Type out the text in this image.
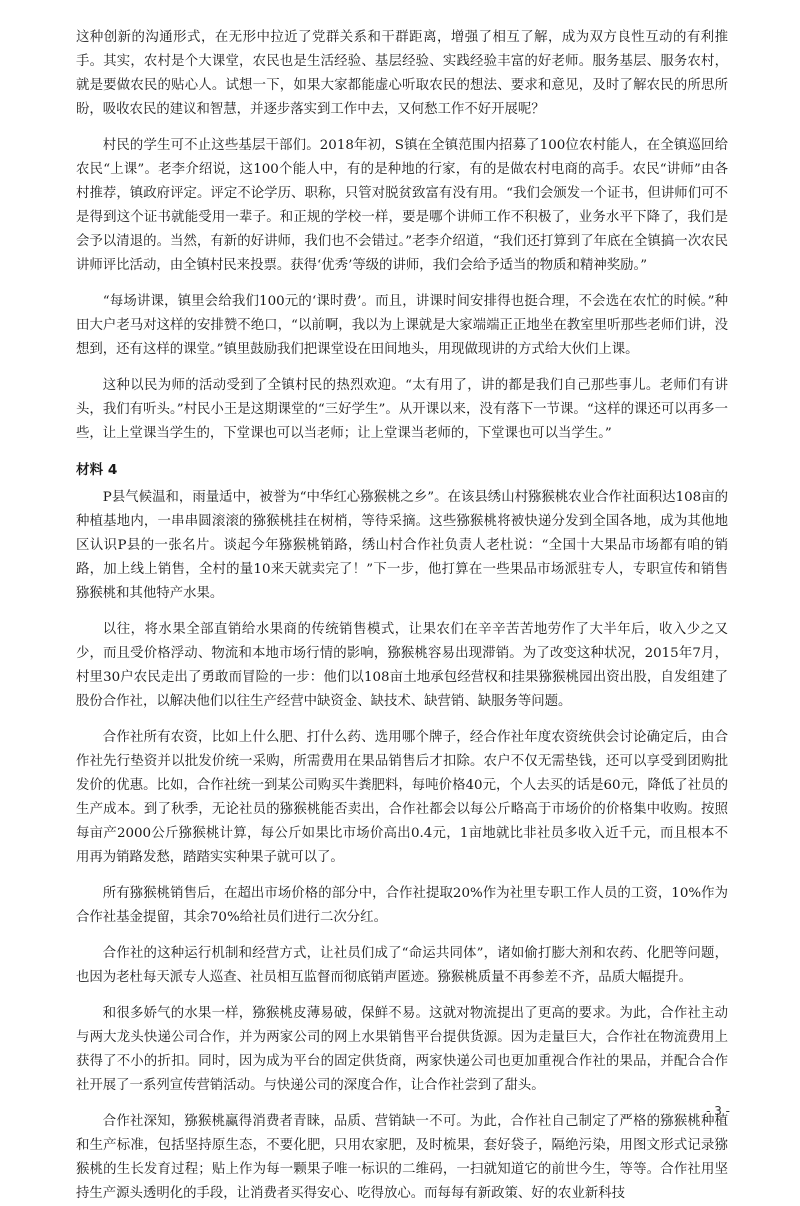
这种创新的沟通形式，在无形中拉近了党群关系和干群距离，增强了相互了解，成为双方良性互动的有利推手。其实，农村是个大课堂，农民也是生活经验、基层经验、实践经验丰富的好老师。服务基层、服务农村，就是要做农民的贴心人。试想一下，如果大家都能虚心听取农民的想法、要求和意见，及时了解农民的所思所盼，吸收农民的建议和智慧，并逐步落实到工作中去，又何愁工作不好开展呢？

村民的学生可不止这些基层干部们。2018年初，S镇在全镇范围内招募了100位农村能人，在全镇巡回给农民“上课”。老李介绍说，这100个能人中，有的是种地的行家，有的是做农村电商的高手。农民“讲师”由各村推荐，镇政府评定。评定不论学历、职称，只管对脱贫致富有没有用。“我们会颁发一个证书，但讲师们可不是得到这个证书就能受用一辈子。和正规的学校一样，要是哪个讲师工作不积极了，业务水平下降了，我们是会予以清退的。当然，有新的好讲师，我们也不会错过。”老李介绍道，“我们还打算到了年底在全镇搞一次农民讲师评比活动，由全镇村民来投票。获得‘优秀’等级的讲师，我们会给予适当的物质和精神奖励。”

“每场讲课，镇里会给我们100元的‘课时费’。而且，讲课时间安排得也挺合理，不会选在农忙的时候。”种田大户老马对这样的安排赞不绝口，“以前啊，我以为上课就是大家端端正正地坐在教室里听那些老师们讲，没想到，还有这样的课堂。”镇里鼓励我们把课堂设在田间地头，用现做现讲的方式给大伙们上课。

这种以民为师的活动受到了全镇村民的热烈欢迎。“太有用了，讲的都是我们自己那些事儿。老师们有讲头，我们有听头。”村民小王是这期课堂的“三好学生”。从开课以来，没有落下一节课。“这样的课还可以再多一些，让上堂课当学生的，下堂课也可以当老师；让上堂课当老师的，下堂课也可以当学生。”

材料 4

P县气候温和，雨量适中，被誉为“中华红心猕猴桃之乡”。在该县绣山村猕猴桃农业合作社面积达108亩的种植基地内，一串串圆滚滚的猕猴桃挂在树梢，等待采摘。这些猕猴桃将被快递分发到全国各地，成为其他地区认识P县的一张名片。谈起今年猕猴桃销路，绣山村合作社负责人老杜说：“全国十大果品市场都有咱的销路，加上线上销售，全村的量10来天就卖完了！”下一步，他打算在一些果品市场派驻专人，专职宣传和销售猕猴桃和其他特产水果。

以往，将水果全部直销给水果商的传统销售模式，让果农们在辛辛苦苦地劳作了大半年后，收入少之又少，而且受价格浮动、物流和本地市场行情的影响，猕猴桃容易出现滞销。为了改变这种状况，2015年7月，村里30户农民走出了勇敢而冒险的一步：他们以108亩土地承包经营权和挂果猕猴桃园出资出股，自发组建了股份合作社，以解决他们以往生产经营中缺资金、缺技术、缺营销、缺服务等问题。

合作社所有农资，比如上什么肥、打什么药、选用哪个牌子，经合作社年度农资统供会讨论确定后，由合作社先行垫资并以批发价统一采购，所需费用在果品销售后才扣除。农户不仅无需垫钱，还可以享受到团购批发价的优惠。比如，合作社统一到某公司购买牛粪肥料，每吨价格40元，个人去买的话是60元，降低了社员的生产成本。到了秋季，无论社员的猕猴桃能否卖出，合作社都会以每公斤略高于市场价的价格集中收购。按照每亩产2000公斤猕猴桃计算，每公斤如果比市场价高出0.4元，1亩地就比非社员多收入近千元，而且根本不用再为销路发愁，踏踏实实种果子就可以了。

所有猕猴桃销售后，在超出市场价格的部分中，合作社提取20%作为社里专职工作人员的工资，10%作为合作社基金提留，其余70%给社员们进行二次分红。

合作社的这种运行机制和经营方式，让社员们成了“命运共同体”，诸如偷打膨大剂和农药、化肥等问题，也因为老杜每天派专人巡查、社员相互监督而彻底销声匿迹。猕猴桃质量不再参差不齐，品质大幅提升。

和很多娇气的水果一样，猕猴桃皮薄易破，保鲜不易。这就对物流提出了更高的要求。为此，合作社主动与两大龙头快递公司合作，并为两家公司的网上水果销售平台提供货源。因为走量巨大，合作社在物流费用上获得了不小的折扣。同时，因为成为平台的固定供货商，两家快递公司也更加重视合作社的果品，并配合合作社开展了一系列宣传营销活动。与快递公司的深度合作，让合作社尝到了甜头。

合作社深知，猕猴桃赢得消费者青睐，品质、营销缺一不可。为此，合作社自己制定了严格的猕猴桃种植和生产标准，包括坚持原生态，不要化肥，只用农家肥，及时梳果，套好袋子，隔绝污染，用图文形式记录猕猴桃的生长发育过程；贴上作为每一颗果子唯一标识的二维码，一扫就知道它的前世今生，等等。合作社用坚持生产源头透明化的手段，让消费者买得安心、吃得放心。而每每有新政策、好的农业新科技

- 3 -
